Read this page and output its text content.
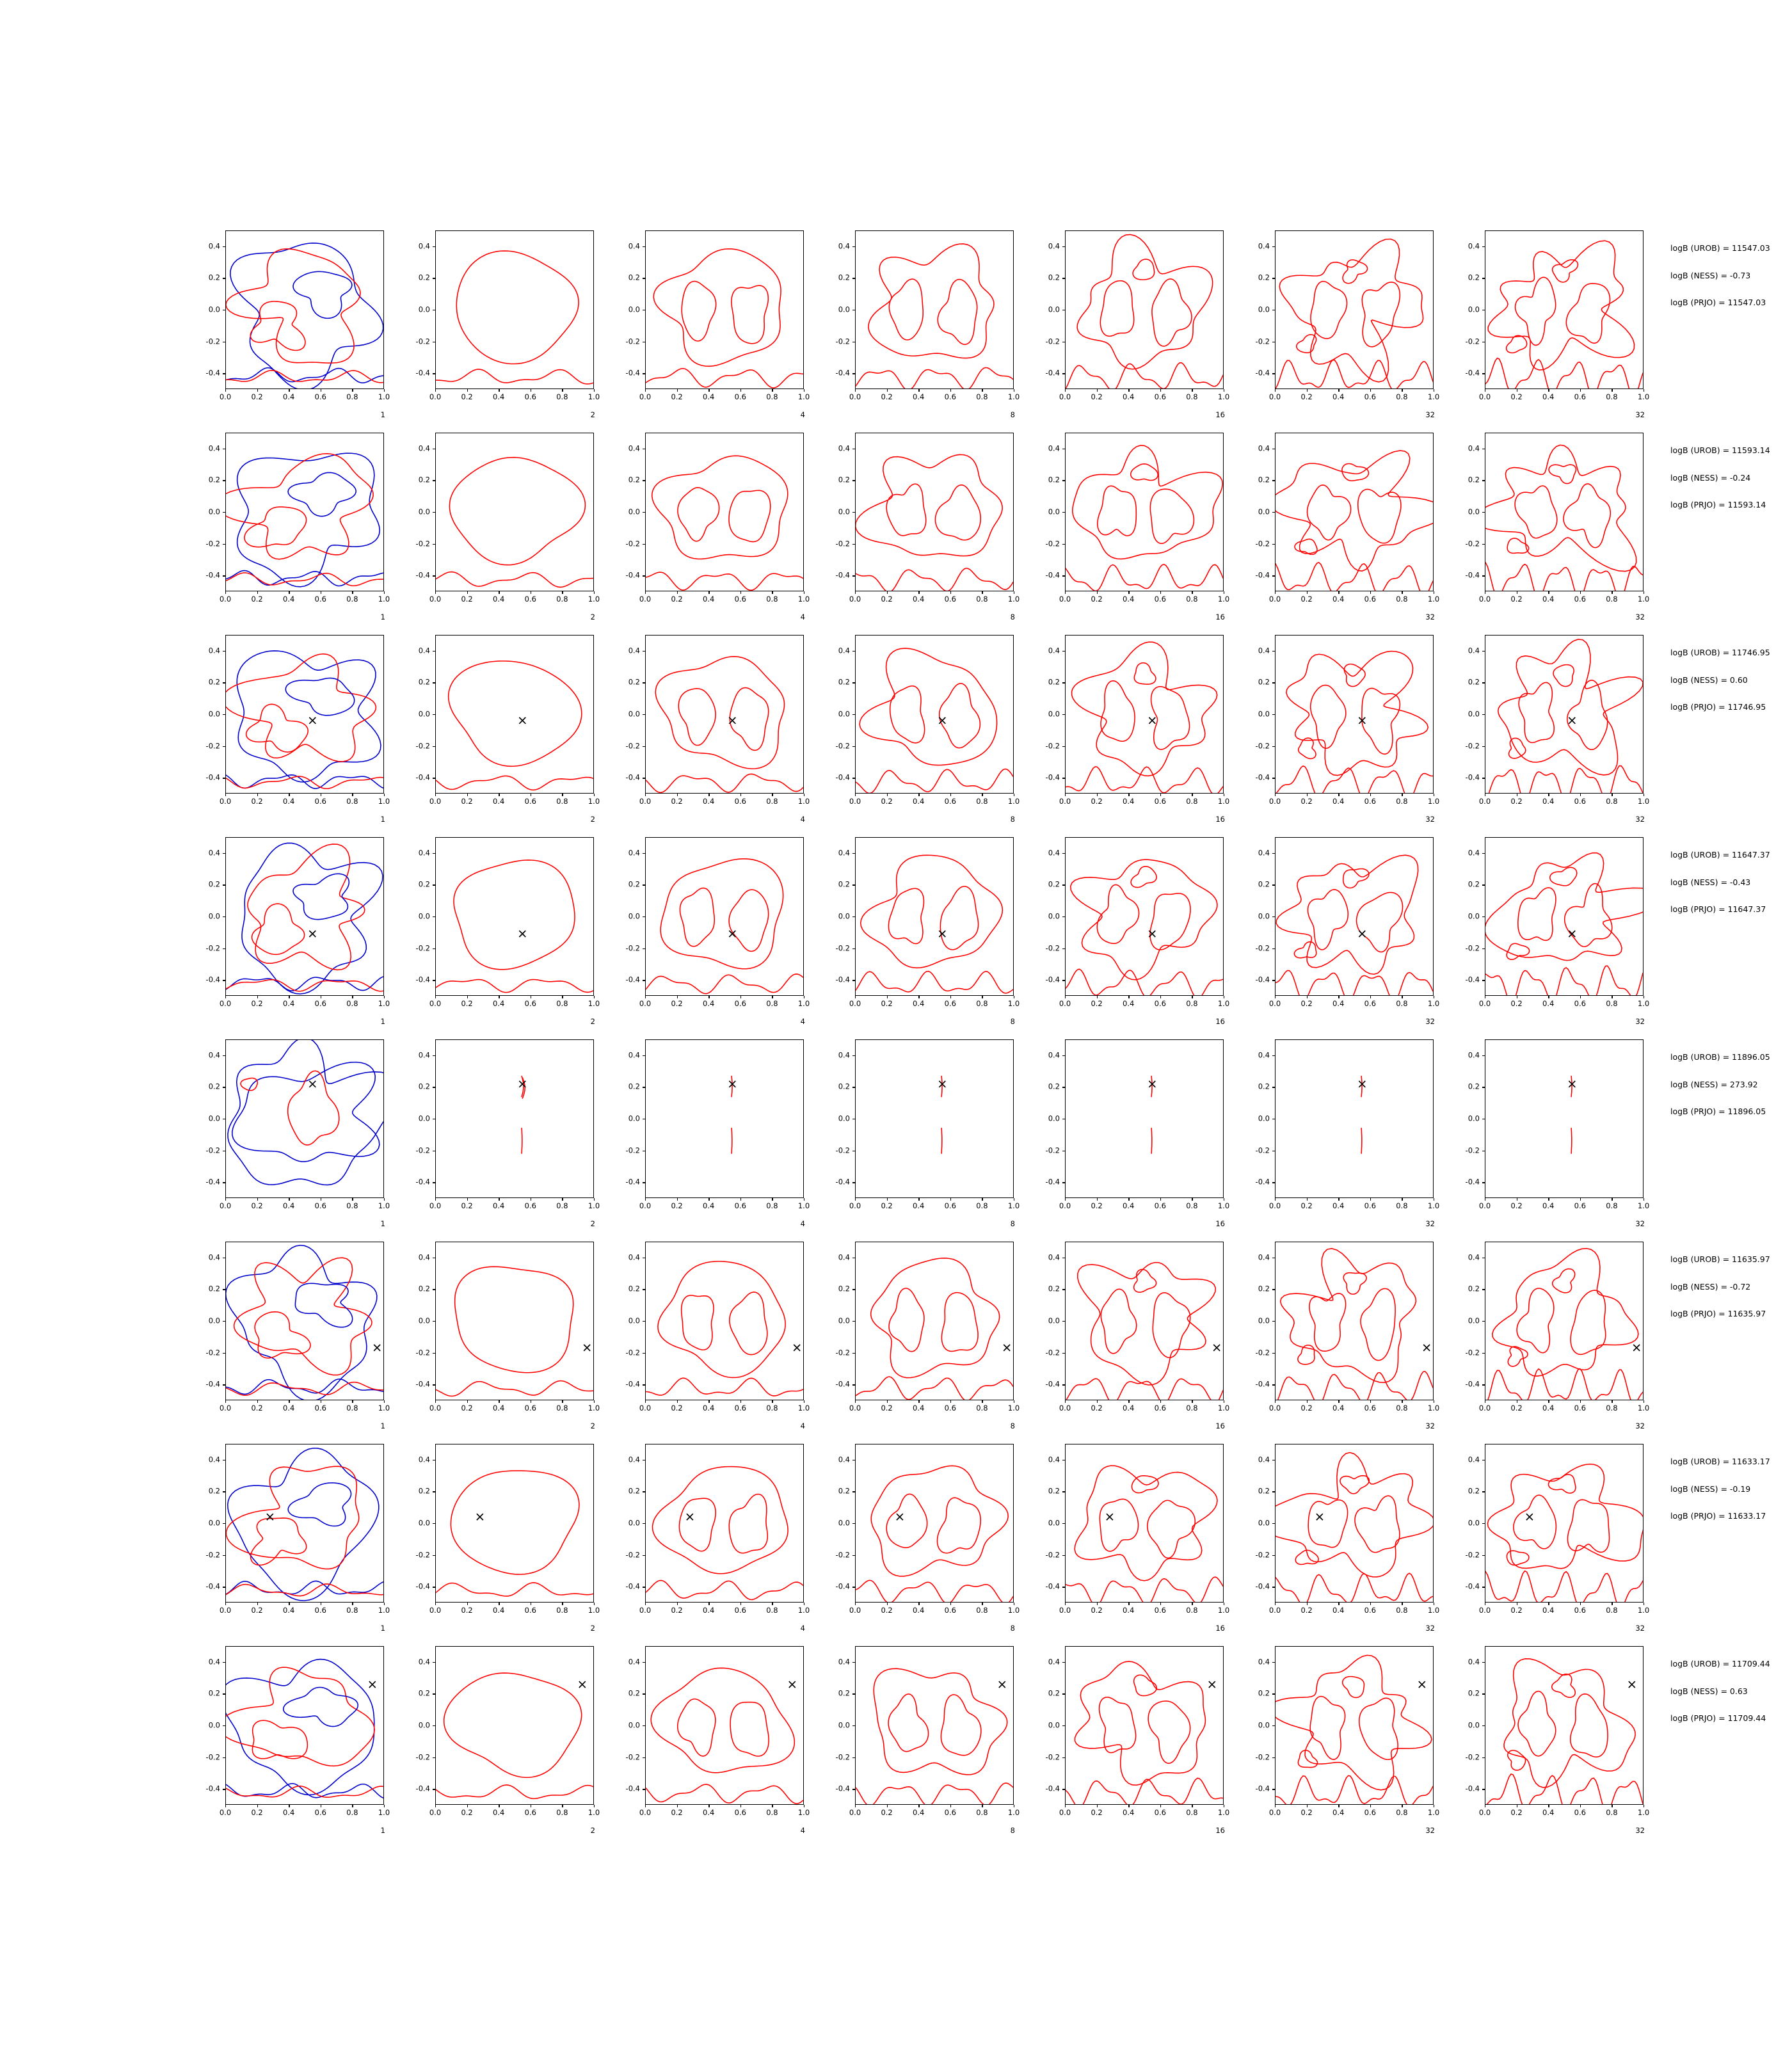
-0.4
-0.2
0.0
0.2
0.4
0.0	0.2	0.4	0.6	0.8	1.0
1
-0.4
-0.2
0.0
0.2
0.4
0.0	0.2	0.4	0.6	0.8	1.0
2
-0.4
-0.2
0.0
0.2
0.4
0.0	0.2	0.4	0.6	0.8	1.0
4
-0.4
-0.2
0.0
0.2
0.4
0.0	0.2	0.4	0.6	0.8	1.0
8
-0.4
-0.2
0.0
0.2
0.4
0.0	0.2	0.4	0.6	0.8	1.0
16
-0.4
-0.2
0.0
0.2
0.4
0.0	0.2	0.4	0.6	0.8	1.0
32
-0.4
-0.2
0.0
0.2
0.4
0.0	0.2	0.4	0.6	0.8	1.0
32
logB (UROB) = 11547.03
logB (NESS) = -0.73
logB (PRJO) = 11547.03
-0.4
-0.2
0.0
0.2
0.4
0.0	0.2	0.4	0.6	0.8	1.0
1
-0.4
-0.2
0.0
0.2
0.4
0.0	0.2	0.4	0.6	0.8	1.0
2
-0.4
-0.2
0.0
0.2
0.4
0.0	0.2	0.4	0.6	0.8	1.0
4
-0.4
-0.2
0.0
0.2
0.4
0.0	0.2	0.4	0.6	0.8	1.0
8
-0.4
-0.2
0.0
0.2
0.4
0.0	0.2	0.4	0.6	0.8	1.0
16
-0.4
-0.2
0.0
0.2
0.4
0.0	0.2	0.4	0.6	0.8	1.0
32
-0.4
-0.2
0.0
0.2
0.4
0.0	0.2	0.4	0.6	0.8	1.0
32
logB (UROB) = 11593.14
logB (NESS) = -0.24
logB (PRJO) = 11593.14
-0.4
-0.2
0.0
0.2
0.4
0.0	0.2	0.4	0.6	0.8	1.0
1
-0.4
-0.2
0.0
0.2
0.4
0.0	0.2	0.4	0.6	0.8	1.0
2
-0.4
-0.2
0.0
0.2
0.4
0.0	0.2	0.4	0.6	0.8	1.0
4
-0.4
-0.2
0.0
0.2
0.4
0.0	0.2	0.4	0.6	0.8	1.0
8
-0.4
-0.2
0.0
0.2
0.4
0.0	0.2	0.4	0.6	0.8	1.0
16
-0.4
-0.2
0.0
0.2
0.4
0.0	0.2	0.4	0.6	0.8	1.0
32
-0.4
-0.2
0.0
0.2
0.4
0.0	0.2	0.4	0.6	0.8	1.0
32
logB (UROB) = 11746.95
logB (NESS) = 0.60
logB (PRJO) = 11746.95
-0.4
-0.2
0.0
0.2
0.4
0.0	0.2	0.4	0.6	0.8	1.0
1
-0.4
-0.2
0.0
0.2
0.4
0.0	0.2	0.4	0.6	0.8	1.0
2
-0.4
-0.2
0.0
0.2
0.4
0.0	0.2	0.4	0.6	0.8	1.0
4
-0.4
-0.2
0.0
0.2
0.4
0.0	0.2	0.4	0.6	0.8	1.0
8
-0.4
-0.2
0.0
0.2
0.4
0.0	0.2	0.4	0.6	0.8	1.0
16
-0.4
-0.2
0.0
0.2
0.4
0.0	0.2	0.4	0.6	0.8	1.0
32
-0.4
-0.2
0.0
0.2
0.4
0.0	0.2	0.4	0.6	0.8	1.0
32
logB (UROB) = 11647.37
logB (NESS) = -0.43
logB (PRJO) = 11647.37
-0.4
-0.2
0.0
0.2
0.4
0.0	0.2	0.4	0.6	0.8	1.0
1
-0.4
-0.2
0.0
0.2
0.4
0.0	0.2	0.4	0.6	0.8	1.0
2
-0.4
-0.2
0.0
0.2
0.4
0.0	0.2	0.4	0.6	0.8	1.0
4
-0.4
-0.2
0.0
0.2
0.4
0.0	0.2	0.4	0.6	0.8	1.0
8
-0.4
-0.2
0.0
0.2
0.4
0.0	0.2	0.4	0.6	0.8	1.0
16
-0.4
-0.2
0.0
0.2
0.4
0.0	0.2	0.4	0.6	0.8	1.0
32
-0.4
-0.2
0.0
0.2
0.4
0.0	0.2	0.4	0.6	0.8	1.0
32
logB (UROB) = 11896.05
logB (NESS) = 273.92
logB (PRJO) = 11896.05
-0.4
-0.2
0.0
0.2
0.4
0.0	0.2	0.4	0.6	0.8	1.0
1
-0.4
-0.2
0.0
0.2
0.4
0.0	0.2	0.4	0.6	0.8	1.0
2
-0.4
-0.2
0.0
0.2
0.4
0.0	0.2	0.4	0.6	0.8	1.0
4
-0.4
-0.2
0.0
0.2
0.4
0.0	0.2	0.4	0.6	0.8	1.0
8
-0.4
-0.2
0.0
0.2
0.4
0.0	0.2	0.4	0.6	0.8	1.0
16
-0.4
-0.2
0.0
0.2
0.4
0.0	0.2	0.4	0.6	0.8	1.0
32
-0.4
-0.2
0.0
0.2
0.4
0.0	0.2	0.4	0.6	0.8	1.0
32
logB (UROB) = 11635.97
logB (NESS) = -0.72
logB (PRJO) = 11635.97
-0.4
-0.2
0.0
0.2
0.4
0.0	0.2	0.4	0.6	0.8	1.0
1
-0.4
-0.2
0.0
0.2
0.4
0.0	0.2	0.4	0.6	0.8	1.0
2
-0.4
-0.2
0.0
0.2
0.4
0.0	0.2	0.4	0.6	0.8	1.0
4
-0.4
-0.2
0.0
0.2
0.4
0.0	0.2	0.4	0.6	0.8	1.0
8
-0.4
-0.2
0.0
0.2
0.4
0.0	0.2	0.4	0.6	0.8	1.0
16
-0.4
-0.2
0.0
0.2
0.4
0.0	0.2	0.4	0.6	0.8	1.0
32
-0.4
-0.2
0.0
0.2
0.4
0.0	0.2	0.4	0.6	0.8	1.0
32
logB (UROB) = 11633.17
logB (NESS) = -0.19
logB (PRJO) = 11633.17
-0.4
-0.2
0.0
0.2
0.4
0.0	0.2	0.4	0.6	0.8	1.0
1
-0.4
-0.2
0.0
0.2
0.4
0.0	0.2	0.4	0.6	0.8	1.0
2
-0.4
-0.2
0.0
0.2
0.4
0.0	0.2	0.4	0.6	0.8	1.0
4
-0.4
-0.2
0.0
0.2
0.4
0.0	0.2	0.4	0.6	0.8	1.0
8
-0.4
-0.2
0.0
0.2
0.4
0.0	0.2	0.4	0.6	0.8	1.0
16
-0.4
-0.2
0.0
0.2
0.4
0.0	0.2	0.4	0.6	0.8	1.0
32
-0.4
-0.2
0.0
0.2
0.4
0.0	0.2	0.4	0.6	0.8	1.0
32
logB (UROB) = 11709.44
logB (NESS) = 0.63
logB (PRJO) = 11709.44
